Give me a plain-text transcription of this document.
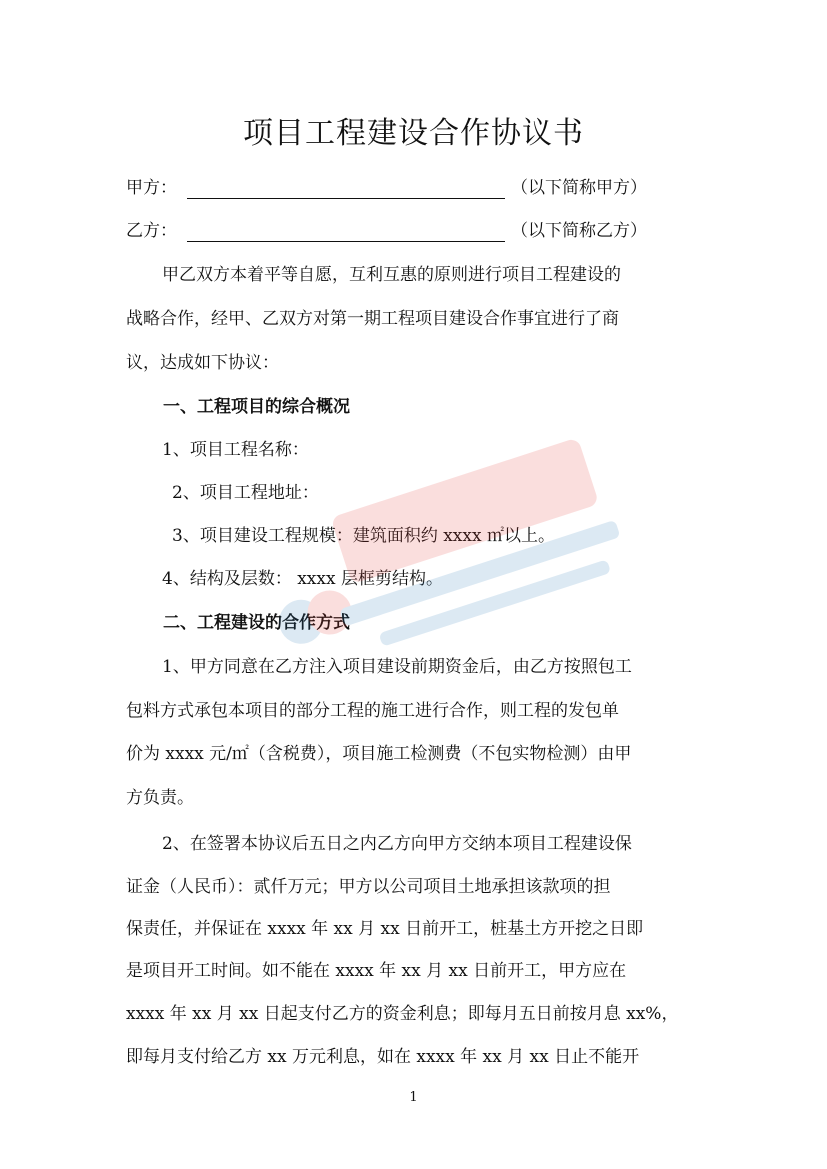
项目工程建设合作协议书
甲方：	（以下简称甲方）
乙方：	（以下简称乙方）
甲乙双方本着平等自愿，互利互惠的原则进行项目工程建设的
战略合作，经甲、乙双方对第一期工程项目建设合作事宜进行了商
议，达成如下协议：
一、工程项目的综合概况
1、项目工程名称：
2、项目工程地址：
3、项目建设工程规模：建筑面积约 xxxx ㎡以上。
4、结构及层数： xxxx 层框剪结构。
二、工程建设的合作方式
1、甲方同意在乙方注入项目建设前期资金后，由乙方按照包工
包料方式承包本项目的部分工程的施工进行合作，则工程的发包单
价为 xxxx 元/㎡（含税费），项目施工检测费（不包实物检测）由甲
方负责。
2、在签署本协议后五日之内乙方向甲方交纳本项目工程建设保
证金（人民币）：贰仟万元；甲方以公司项目土地承担该款项的担
保责任，并保证在 xxxx 年 xx 月 xx 日前开工，桩基土方开挖之日即
是项目开工时间。如不能在 xxxx 年 xx 月 xx 日前开工，甲方应在
xxxx 年 xx 月 xx 日起支付乙方的资金利息；即每月五日前按月息 xx%，
即每月支付给乙方 xx 万元利息，如在 xxxx 年 xx 月 xx 日止不能开
1
